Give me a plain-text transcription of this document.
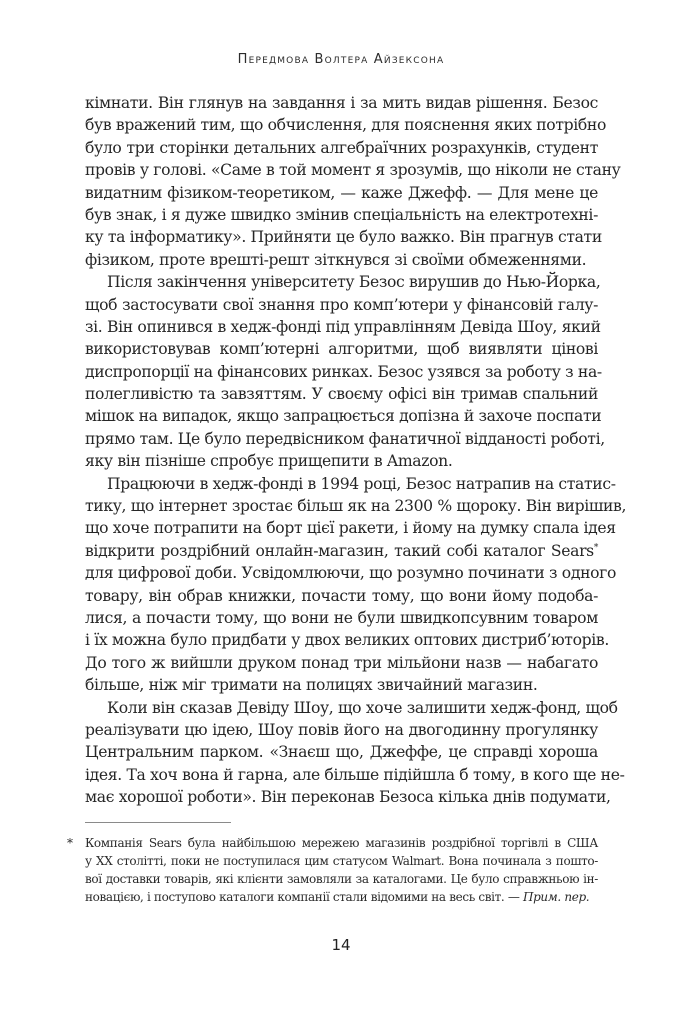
Передмова Волтера Айзексона
кімнати. Він глянув на завдання і за мить видав рішення. Безос
був вражений тим, що обчислення, для пояснення яких потрібно
було три сторінки детальних алгебраїчних розрахунків, студент
провів у голові. «Саме в той момент я зрозумів, що ніколи не стану
видатним фізиком-теоретиком, — каже Джефф. — Для мене це
був знак, і я дуже швидко змінив спеціальність на електротехні-
ку та інформатику». Прийняти це було важко. Він прагнув стати
фізиком, проте врешті-решт зіткнувся зі своїми обмеженнями.
Після закінчення університету Безос вирушив до Нью-Йорка,
щоб застосувати свої знання про комп’ютери у фінансовій галу-
зі. Він опинився в хедж-фонді під управлінням Девіда Шоу, який
використовував комп’ютерні алгоритми, щоб виявляти цінові
диспропорції на фінансових ринках. Безос узявся за роботу з на-
полегливістю та завзяттям. У своєму офісі він тримав спальний
мішок на випадок, якщо запрацюється допізна й захоче поспати
прямо там. Це було передвісником фанатичної відданості роботі,
яку він пізніше спробує прищепити в Amazon.
Працюючи в хедж-фонді в 1994 році, Безос натрапив на статис-
тику, що інтернет зростає більш як на 2300 % щороку. Він вирішив,
що хоче потрапити на борт цієї ракети, і йому на думку спала ідея
відкрити роздрібний онлайн-магазин, такий собі каталог Sears*
для цифрової доби. Усвідомлюючи, що розумно починати з одного
товару, він обрав книжки, почасти тому, що вони йому подоба-
лися, а почасти тому, що вони не були швидкопсувним товаром
і їх можна було придбати у двох великих оптових дистриб’юторів.
До того ж вийшли друком понад три мільйони назв — набагато
більше, ніж міг тримати на полицях звичайний магазин.
Коли він сказав Девіду Шоу, що хоче залишити хедж-фонд, щоб
реалізувати цю ідею, Шоу повів його на двогодинну прогулянку
Центральним парком. «Знаєш що, Джеффе, це справді хороша
ідея. Та хоч вона й гарна, але більше підійшла б тому, в кого ще не-
має хорошої роботи». Він переконав Безоса кілька днів подумати,
* Компанія Sears була найбільшою мережею магазинів роздрібної торгівлі в США
у XX столітті, поки не поступилася цим статусом Walmart. Вона починала з пошто-
вої доставки товарів, які клієнти замовляли за каталогами. Це було справжньою ін-
новацією, і поступово каталоги компанії стали відомими на весь світ. — Прим. пер.
14
